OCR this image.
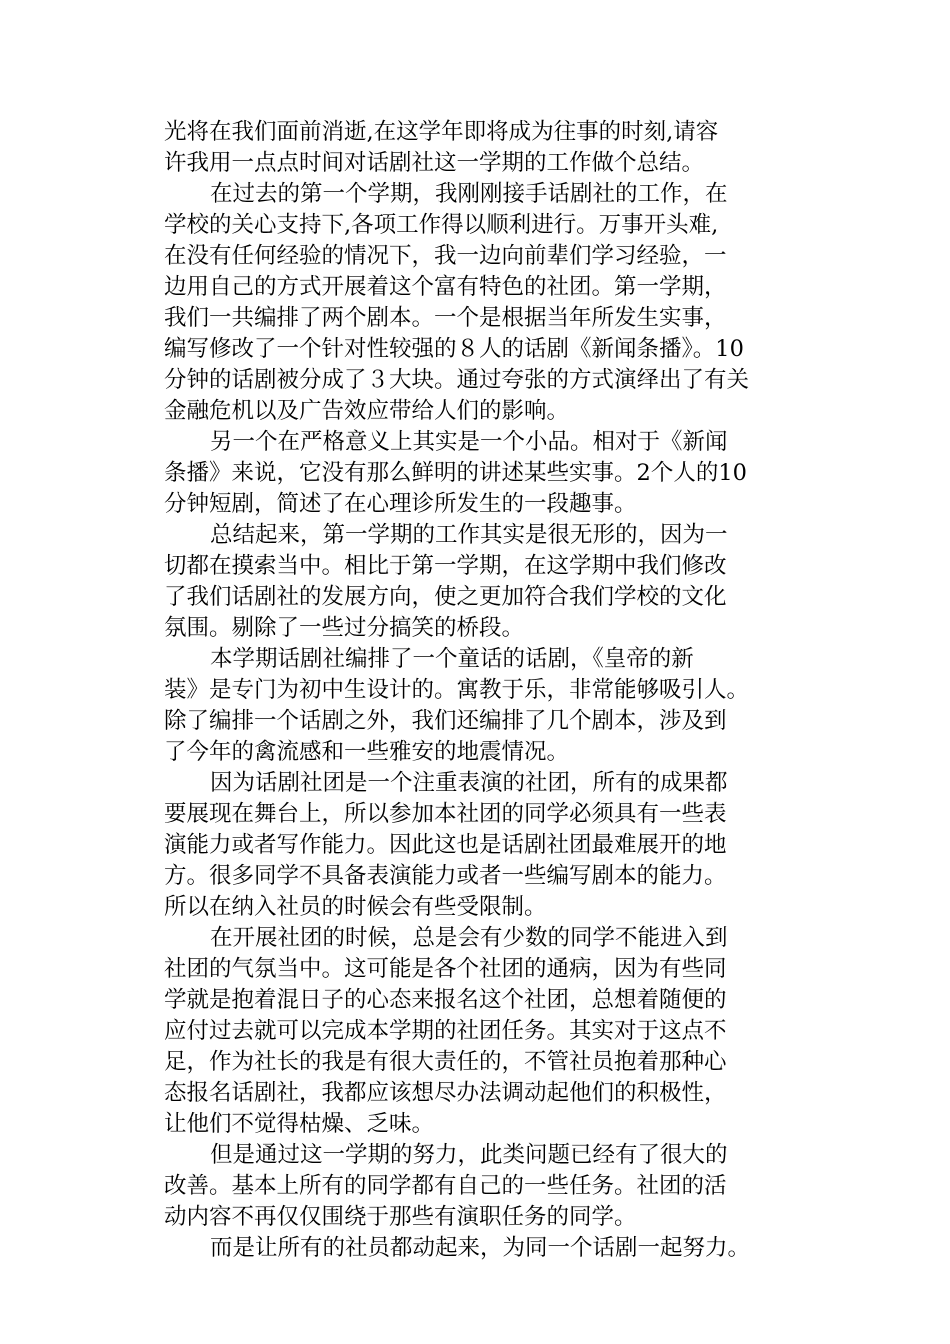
光将在我们面前消逝,在这学年即将成为往事的时刻,请容
许我用一点点时间对话剧社这一学期的工作做个总结。
在过去的第一个学期，我刚刚接手话剧社的工作，在
学校的关心支持下,各项工作得以顺利进行。万事开头难,
在没有任何经验的情况下，我一边向前辈们学习经验，一
边用自己的方式开展着这个富有特色的社团。第一学期，
我们一共编排了两个剧本。一个是根据当年所发生实事，
编写修改了一个针对性较强的８人的话剧《新闻条播》。10
分钟的话剧被分成了３大块。通过夸张的方式演绎出了有关
金融危机以及广告效应带给人们的影响。
另一个在严格意义上其实是一个小品。相对于《新闻
条播》来说，它没有那么鲜明的讲述某些实事。2个人的10
分钟短剧，简述了在心理诊所发生的一段趣事。
总结起来，第一学期的工作其实是很无形的，因为一
切都在摸索当中。相比于第一学期，在这学期中我们修改
了我们话剧社的发展方向，使之更加符合我们学校的文化
氛围。剔除了一些过分搞笑的桥段。
本学期话剧社编排了一个童话的话剧，《皇帝的新
装》是专门为初中生设计的。寓教于乐，非常能够吸引人。
除了编排一个话剧之外，我们还编排了几个剧本，涉及到
了今年的禽流感和一些雅安的地震情况。
因为话剧社团是一个注重表演的社团，所有的成果都
要展现在舞台上，所以参加本社团的同学必须具有一些表
演能力或者写作能力。因此这也是话剧社团最难展开的地
方。很多同学不具备表演能力或者一些编写剧本的能力。
所以在纳入社员的时候会有些受限制。
在开展社团的时候，总是会有少数的同学不能进入到
社团的气氛当中。这可能是各个社团的通病，因为有些同
学就是抱着混日子的心态来报名这个社团，总想着随便的
应付过去就可以完成本学期的社团任务。其实对于这点不
足，作为社长的我是有很大责任的，不管社员抱着那种心
态报名话剧社，我都应该想尽办法调动起他们的积极性，
让他们不觉得枯燥、乏味。
但是通过这一学期的努力，此类问题已经有了很大的
改善。基本上所有的同学都有自己的一些任务。社团的活
动内容不再仅仅围绕于那些有演职任务的同学。
而是让所有的社员都动起来，为同一个话剧一起努力。
